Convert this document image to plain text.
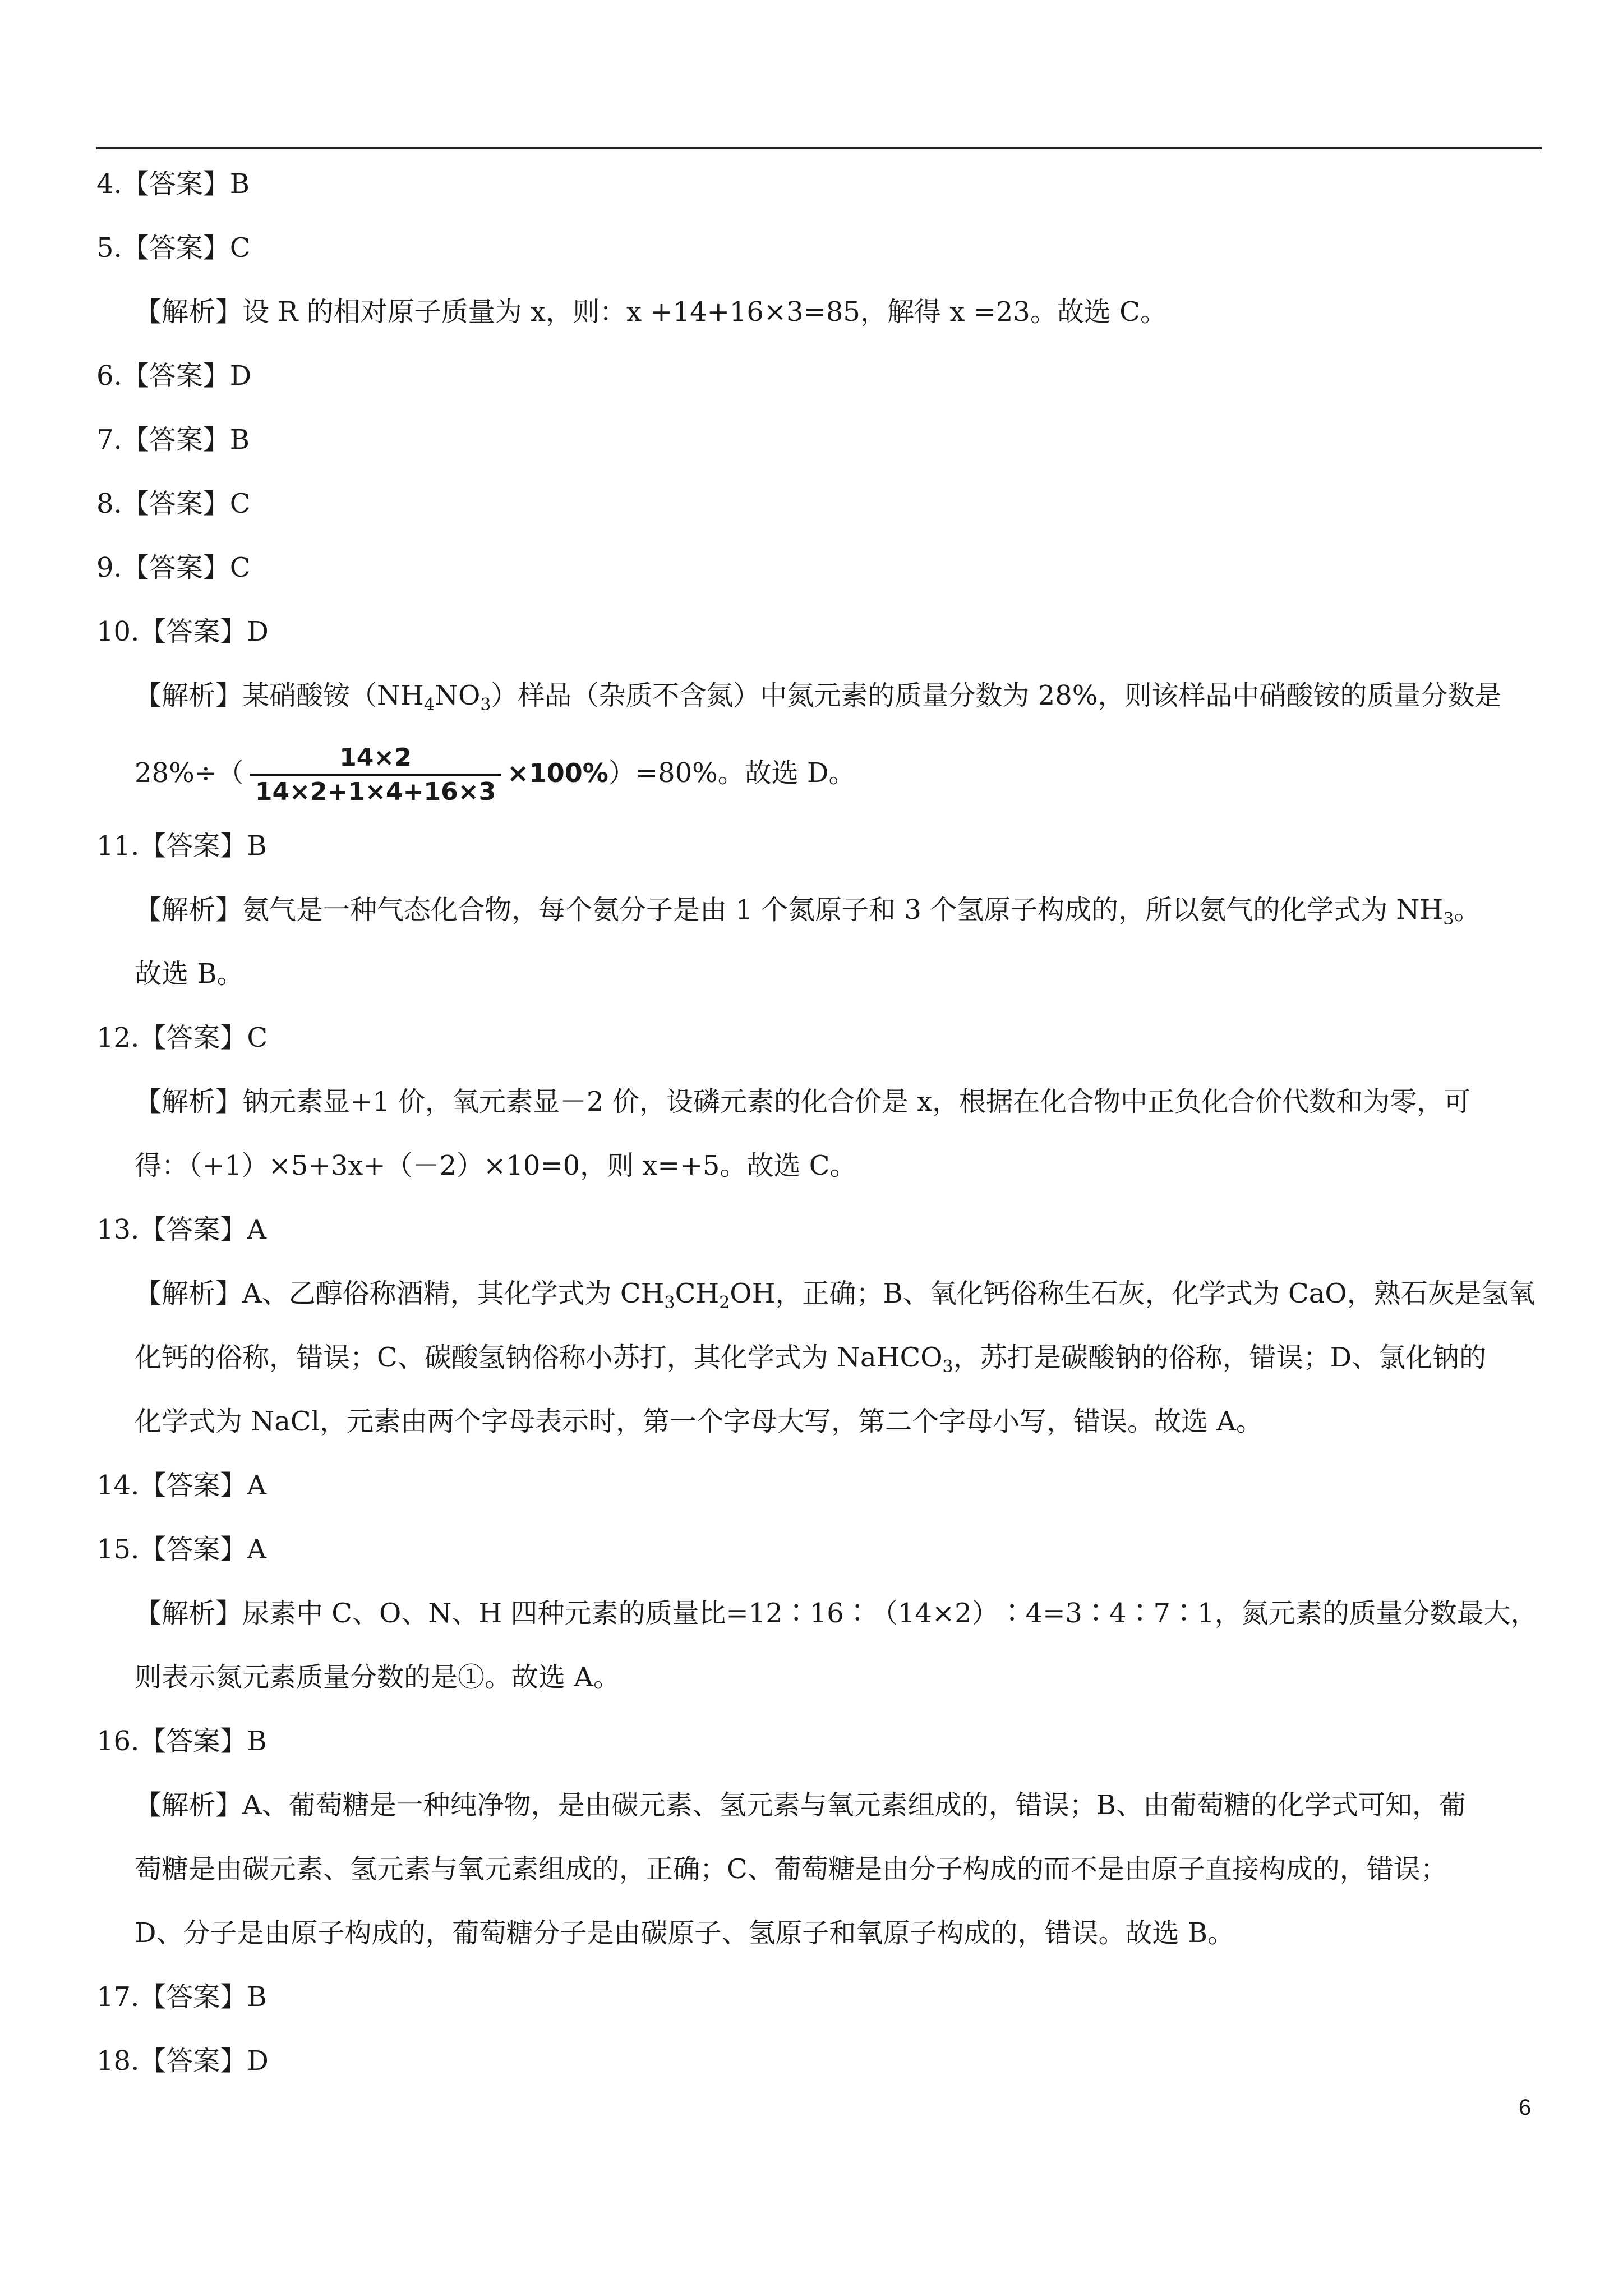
4.【答案】B
5.【答案】C
【解析】设 R 的相对原子质量为 x，则：x +14+16×3=85，解得 x =23。故选 C。
6.【答案】D
7.【答案】B
8.【答案】C
9.【答案】C
10.【答案】D
【解析】某硝酸铵$(NH_4NO_3)$样品（杂质不含氮）中氮元素的质量分数为 28%，则该样品中硝酸铵的质量分数是
$28\%\div( \frac{14\times 2}{14\times 2+1\times 4+16\times 3} \times 100\%)=80\%$。故选 D。
11.【答案】B
【解析】氨气是一种气态化合物，每个氨分子是由 1 个氮原子和 3 个氢原子构成的，所以氨气的化学式为 $NH_3$。
故选 B。
12.【答案】C
【解析】钠元素显+1 价，氧元素显－2 价，设磷元素的化合价是 x，根据在化合物中正负化合价代数和为零，可
得：（+1）×5+3x+（－2）×10=0，则 x=+5。故选 C。
13.【答案】A
【解析】A、乙醇俗称酒精，其化学式为 $CH_3CH_2OH$，正确；B、氧化钙俗称生石灰，化学式为 CaO，熟石灰是氢氧
化钙的俗称，错误；C、碳酸氢钠俗称小苏打，其化学式为 NaHCO$_3$，苏打是碳酸钠的俗称，错误；D、氯化钠的
化学式为 NaCl，元素由两个字母表示时，第一个字母大写，第二个字母小写，错误。故选 A。
14.【答案】A
15.【答案】A
【解析】尿素中 C、O、N、H 四种元素的质量比=12∶16∶（14×2）∶4=3∶4∶7∶1，氮元素的质量分数最大，
则表示氮元素质量分数的是①。故选 A。
16.【答案】B
【解析】A、葡萄糖是一种纯净物，是由碳元素、氢元素与氧元素组成的，错误；B、由葡萄糖的化学式可知，葡
萄糖是由碳元素、氢元素与氧元素组成的，正确；C、葡萄糖是由分子构成的而不是由原子直接构成的，错误；
D、分子是由原子构成的，葡萄糖分子是由碳原子、氢原子和氧原子构成的，错误。故选 B。
17.【答案】B
18.【答案】D
6
